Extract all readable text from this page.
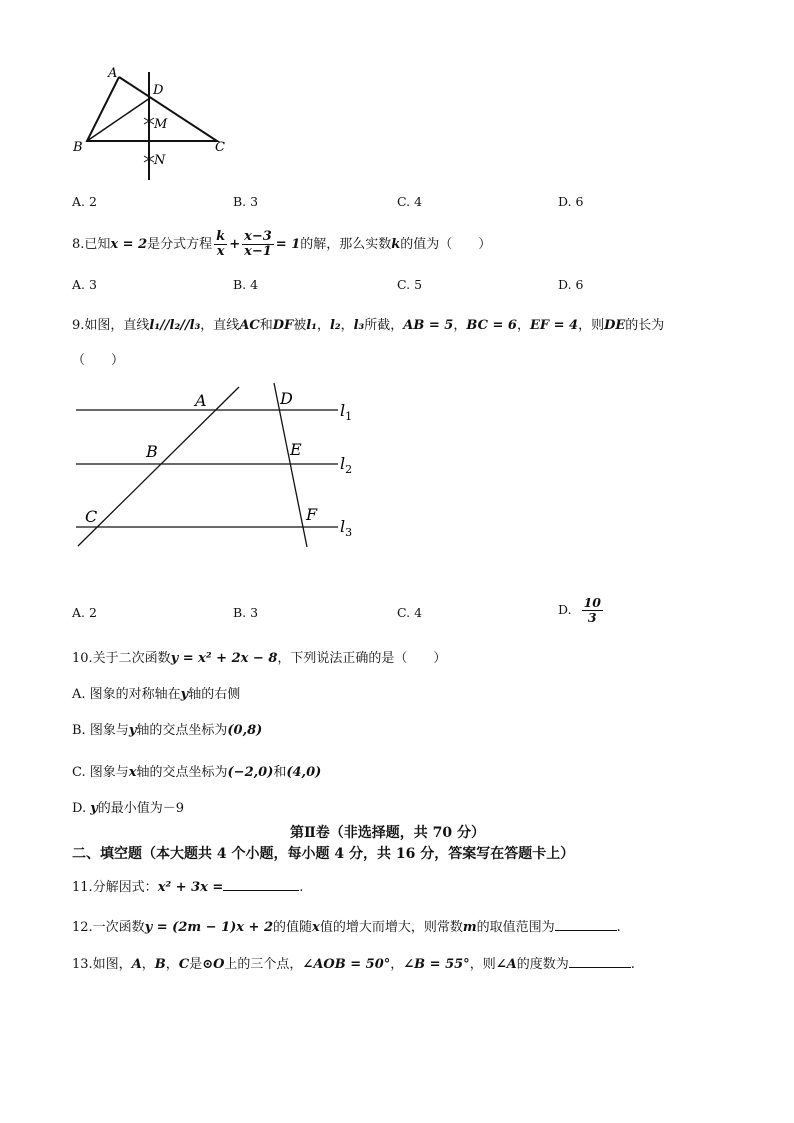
A
B	C
D
M
N
A. 2	B. 3	C. 4	D. 6
8.已知x = 2是分式方程 $\frac{k}{x} + \frac{x-3}{x-1} = 1$的解，那么实数k的值为（　　）
A. 3	B. 4	C. 5	D. 6
9.如图，直线l₁//l₂//l₃，直线AC和DF被l₁，l₂，l₃所截，AB = 5，BC = 6，EF = 4，则DE的长为
（　　）
A
B
C
D
E
F
$l_1$
$l_2$
$l_3$
A. 2	B. 3	C. 4	D. $\frac{10}{3}$
10.关于二次函数y = x² + 2x − 8，下列说法正确的是（　　）
A. 图象的对称轴在y轴的右侧
B. 图象与y轴的交点坐标为(0,8)
C. 图象与x轴的交点坐标为(−2,0)和(4,0)
D. y的最小值为－9
第Ⅱ卷（非选择题，共 70 分）
二、填空题（本大题共 4 个小题，每小题 4 分，共 16 分，答案写在答题卡上）
11.分解因式：x² + 3x =	.
12.一次函数y = (2m − 1)x + 2的值随x值的增大而增大，则常数m的取值范围为	.
13.如图，A，B，C是⊙O上的三个点，∠AOB = 50°，∠B = 55°，则∠A的度数为	.
